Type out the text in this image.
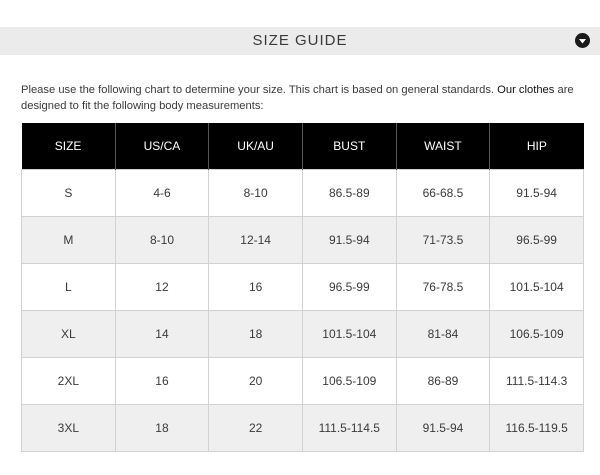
SIZE GUIDE
Please use the following chart to determine your size. This chart is based on general standards. Our clothes are designed to fit the following body measurements:
SIZE	US/CA	UK/AU	BUST	WAIST	HIP
S	4-6	8-10	86.5-89	66-68.5	91.5-94
M	8-10	12-14	91.5-94	71-73.5	96.5-99
L	12	16	96.5-99	76-78.5	101.5-104
XL	14	18	101.5-104	81-84	106.5-109
2XL	16	20	106.5-109	86-89	111.5-114.3
3XL	18	22	111.5-114.5	91.5-94	116.5-119.5
